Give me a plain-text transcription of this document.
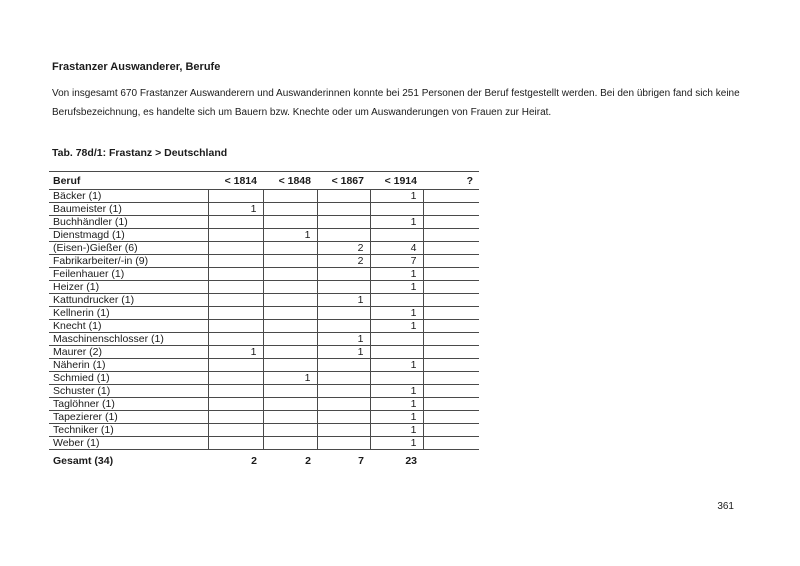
Frastanzer Auswanderer, Berufe
Von insgesamt 670 Frastanzer Auswanderern und Auswanderinnen konnte bei 251 Personen der Beruf festgestellt werden. Bei den übrigen fand sich keine
Berufsbezeichnung, es handelte sich um Bauern bzw. Knechte oder um Auswanderungen von Frauen zur Heirat.
Tab. 78d/1: Frastanz > Deutschland
Beruf	< 1814	< 1848	< 1867	< 1914	?
Bäcker (1)				1	
Baumeister (1)	1				
Buchhändler (1)				1	
Dienstmagd (1)		1			
(Eisen-)Gießer (6)			2	4	
Fabrikarbeiter/-in (9)			2	7	
Feilenhauer (1)				1	
Heizer (1)				1	
Kattundrucker (1)			1		
Kellnerin (1)				1	
Knecht (1)				1	
Maschinenschlosser (1)			1		
Maurer (2)	1		1		
Näherin (1)				1	
Schmied (1)		1			
Schuster (1)				1	
Taglöhner (1)				1	
Tapezierer (1)				1	
Techniker (1)				1	
Weber (1)				1	
Gesamt (34)	2	2	7	23	
361
